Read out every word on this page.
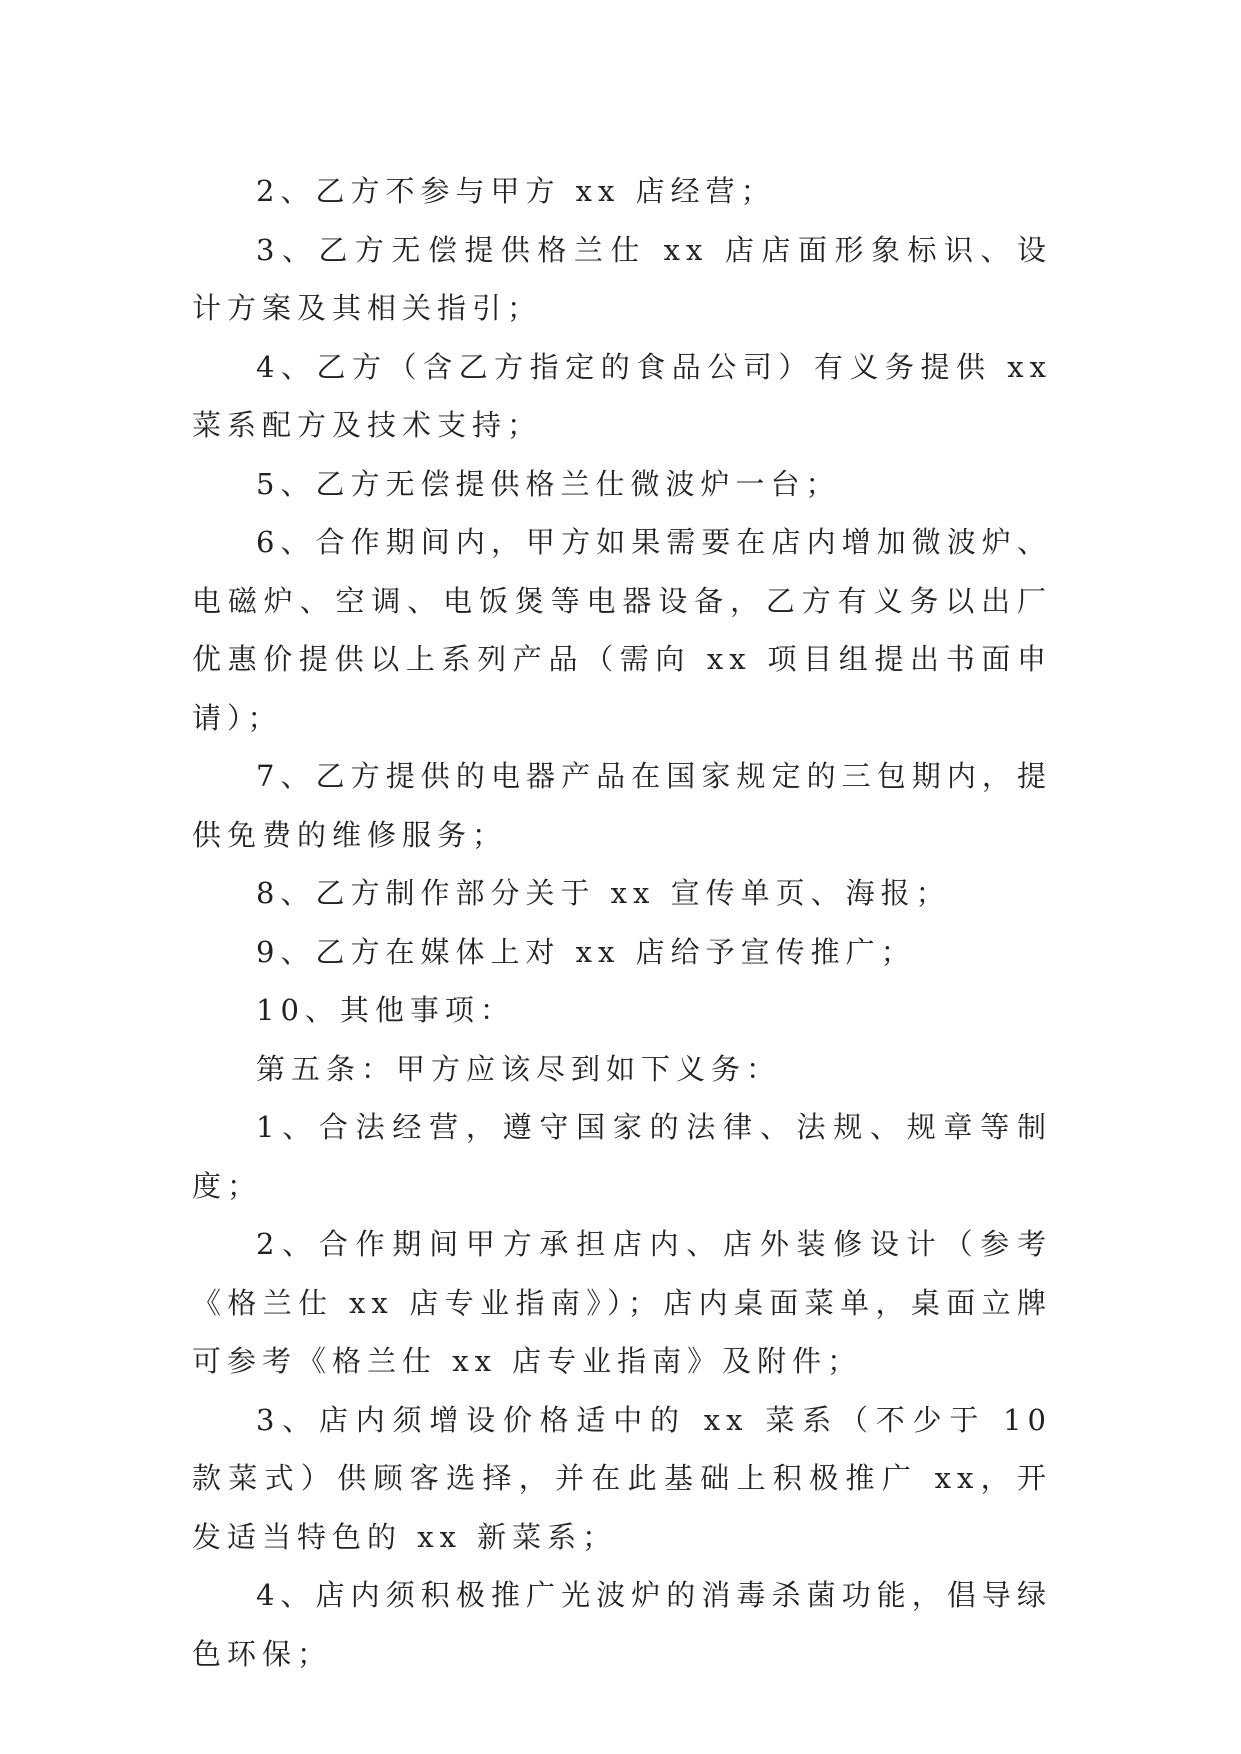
2、乙方不参与甲方 xx 店经营；

3、乙方无偿提供格兰仕 xx 店店面形象标识、设计方案及其相关指引；

4、乙方（含乙方指定的食品公司）有义务提供 xx 菜系配方及技术支持；

5、乙方无偿提供格兰仕微波炉一台；

6、合作期间内，甲方如果需要在店内增加微波炉、电磁炉、空调、电饭煲等电器设备，乙方有义务以出厂优惠价提供以上系列产品（需向 xx 项目组提出书面申请）；

7、乙方提供的电器产品在国家规定的三包期内，提供免费的维修服务；

8、乙方制作部分关于 xx 宣传单页、海报；

9、乙方在媒体上对 xx 店给予宣传推广；

10、其他事项：

第五条：甲方应该尽到如下义务：

1、合法经营，遵守国家的法律、法规、规章等制度；

2、合作期间甲方承担店内、店外装修设计（参考《格兰仕 xx 店专业指南》）；店内桌面菜单，桌面立牌可参考《格兰仕 xx 店专业指南》及附件；

3、店内须增设价格适中的 xx 菜系（不少于 10 款菜式）供顾客选择，并在此基础上积极推广 xx，开发适当特色的 xx 新菜系；

4、店内须积极推广光波炉的消毒杀菌功能，倡导绿色环保；
